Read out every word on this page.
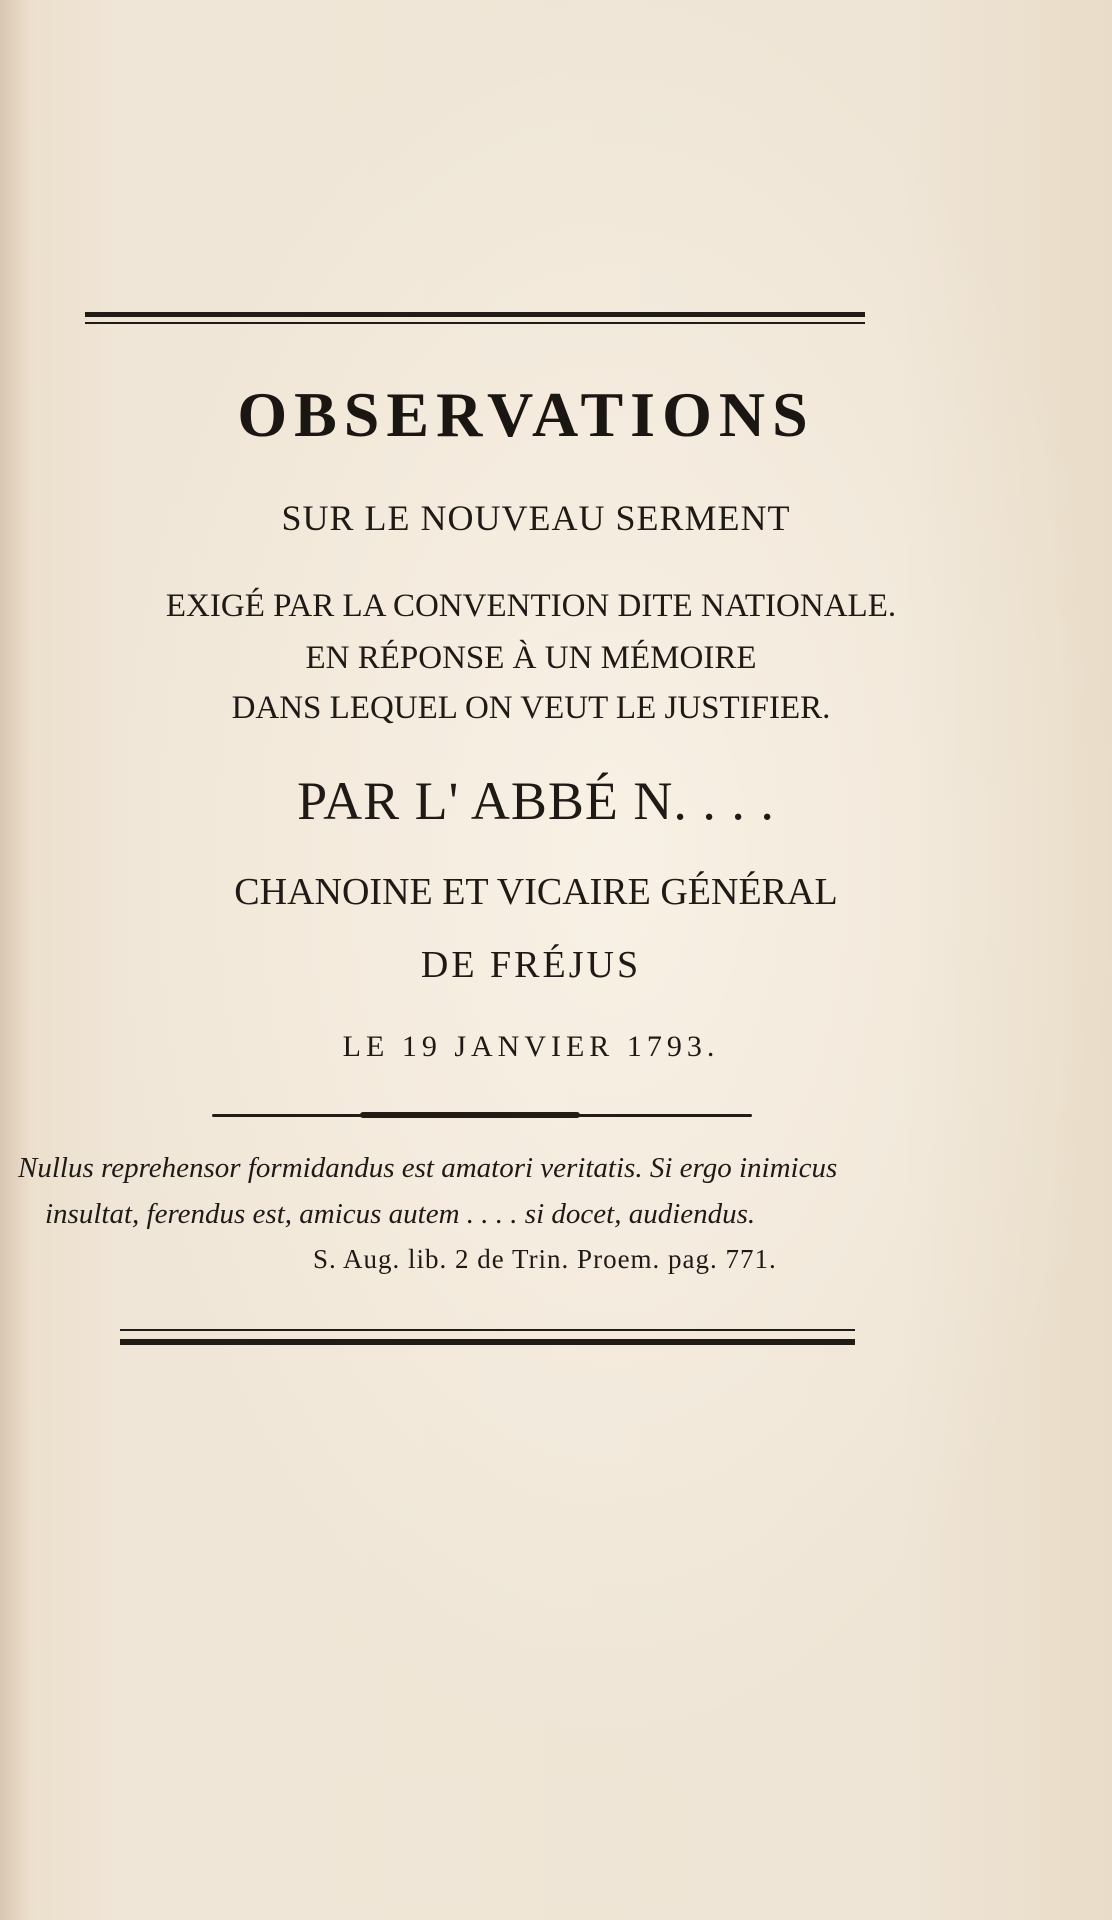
OBSERVATIONS

SUR LE NOUVEAU SERMENT

EXIGÉ PAR LA CONVENTION DITE NATIONALE.

EN RÉPONSE À UN MÉMOIRE

DANS LEQUEL ON VEUT LE JUSTIFIER.

PAR L' ABBÉ N. . . .

CHANOINE ET VICAIRE GÉNÉRAL

DE FRÉJUS

LE 19 JANVIER 1793.

Nullus reprehensor formidandus est amatori veritatis. Si ergo inimicus

insultat, ferendus est, amicus autem . . . . si docet, audiendus.

S. Aug. lib. 2 de Trin. Proem. pag. 771.
